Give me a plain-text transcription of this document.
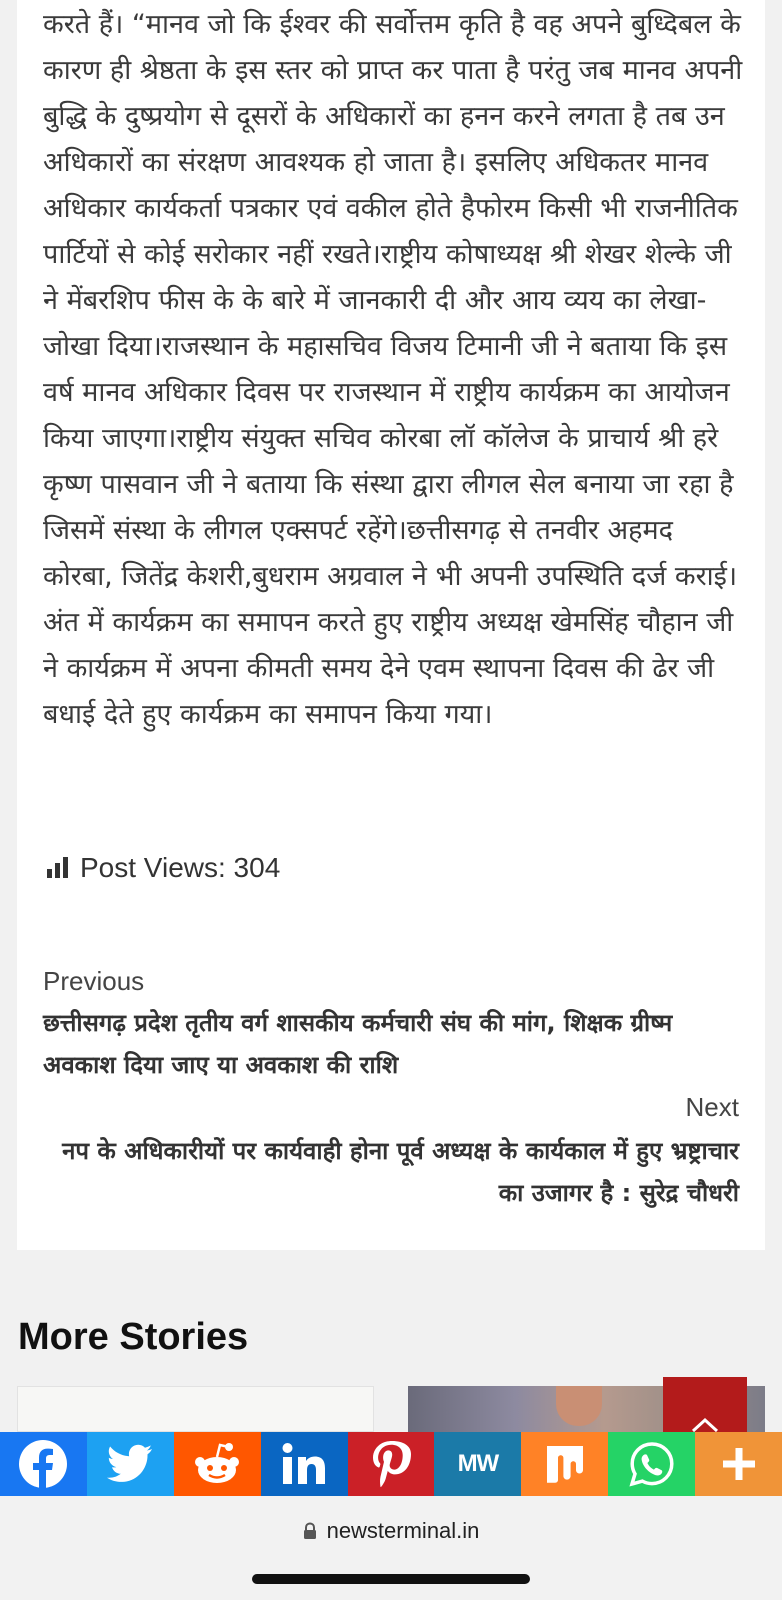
करते हैं। “मानव जो कि ईश्वर की सर्वोत्तम कृति है वह अपने बुध्दिबल के कारण ही श्रेष्ठता के इस स्तर को प्राप्त कर पाता है परंतु जब मानव अपनी बुद्धि के दुष्प्रयोग से दूसरों के अधिकारों का हनन करने लगता है तब उन अधिकारों का संरक्षण आवश्यक हो जाता है। इसलिए अधिकतर मानव अधिकार कार्यकर्ता पत्रकार एवं वकील होते हैफोरम किसी भी राजनीतिक पार्टियों से कोई सरोकार नहीं रखते।राष्ट्रीय कोषाध्यक्ष श्री शेखर शेल्के जी ने मेंबरशिप फीस के के बारे में जानकारी दी और आय व्यय का लेखा-जोखा दिया।राजस्थान के महासचिव विजय टिमानी जी ने बताया कि इस वर्ष मानव अधिकार दिवस पर राजस्थान में राष्ट्रीय कार्यक्रम का आयोजन किया जाएगा।राष्ट्रीय संयुक्त सचिव कोरबा लॉ कॉलेज के प्राचार्य श्री हरे कृष्ण पासवान जी ने बताया कि संस्था द्वारा लीगल सेल बनाया जा रहा है जिसमें संस्था के लीगल एक्सपर्ट रहेंगे।छत्तीसगढ़ से तनवीर अहमद कोरबा, जितेंद्र केशरी,बुधराम अग्रवाल ने भी अपनी उपस्थिति दर्ज कराई।अंत में कार्यक्रम का समापन करते हुए राष्ट्रीय अध्यक्ष खेमसिंह चौहान जी ने कार्यक्रम में अपना कीमती समय देने एवम स्थापना दिवस की ढेर जी बधाई देते हुए कार्यक्रम का समापन किया गया।

Post Views: 304
Previous
छत्तीसगढ़ प्रदेश तृतीय वर्ग शासकीय कर्मचारी संघ की मांग, शिक्षक ग्रीष्म अवकाश दिया जाए या अवकाश की राशि
Next
नप के अधिकारीयों पर कार्यवाही होना पूर्व अध्यक्ष के कार्यकाल में हुए भ्रष्ट्राचार का उजागर है : सुरेद्र चौधरी
More Stories
MW
newsterminal.in
